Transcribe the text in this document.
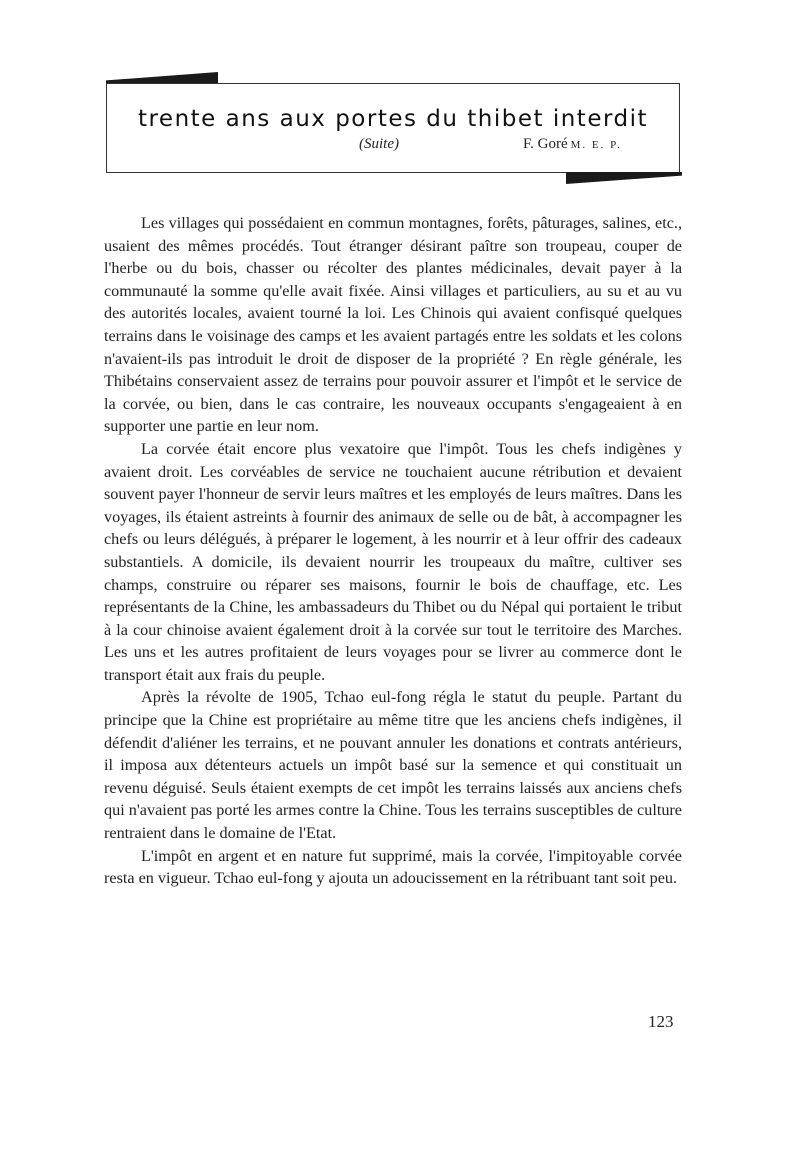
trente ans aux portes du thibet interdit
(Suite)	F. Goré M. E. P.

Les villages qui possédaient en commun montagnes, forêts, pâturages, salines, etc., usaient des mêmes procédés. Tout étranger désirant paître son troupeau, couper de l'herbe ou du bois, chasser ou récolter des plantes médicinales, devait payer à la communauté la somme qu'elle avait fixée. Ainsi villages et particuliers, au su et au vu des autorités locales, avaient tourné la loi. Les Chinois qui avaient confisqué quelques terrains dans le voisinage des camps et les avaient partagés entre les soldats et les colons n'avaient-ils pas introduit le droit de disposer de la propriété ? En règle générale, les Thibétains conservaient assez de terrains pour pouvoir assurer et l'impôt et le service de la corvée, ou bien, dans le cas contraire, les nouveaux occupants s'engageaient à en supporter une partie en leur nom.

La corvée était encore plus vexatoire que l'impôt. Tous les chefs indigènes y avaient droit. Les corvéables de service ne touchaient aucune rétribution et devaient souvent payer l'honneur de servir leurs maîtres et les employés de leurs maîtres. Dans les voyages, ils étaient astreints à fournir des animaux de selle ou de bât, à accompagner les chefs ou leurs délégués, à préparer le logement, à les nourrir et à leur offrir des cadeaux substantiels. A domicile, ils devaient nourrir les troupeaux du maître, cultiver ses champs, construire ou réparer ses maisons, fournir le bois de chauffage, etc. Les représentants de la Chine, les ambassadeurs du Thibet ou du Népal qui portaient le tribut à la cour chinoise avaient également droit à la corvée sur tout le territoire des Marches. Les uns et les autres profitaient de leurs voyages pour se livrer au commerce dont le transport était aux frais du peuple.

Après la révolte de 1905, Tchao eul-fong régla le statut du peuple. Partant du principe que la Chine est propriétaire au même titre que les anciens chefs indigènes, il défendit d'aliéner les terrains, et ne pouvant annuler les donations et contrats antérieurs, il imposa aux détenteurs actuels un impôt basé sur la semence et qui constituait un revenu déguisé. Seuls étaient exempts de cet impôt les terrains laissés aux anciens chefs qui n'avaient pas porté les armes contre la Chine. Tous les terrains susceptibles de culture rentraient dans le domaine de l'Etat.

L'impôt en argent et en nature fut supprimé, mais la corvée, l'impitoyable corvée resta en vigueur. Tchao eul-fong y ajouta un adoucissement en la rétribuant tant soit peu.

123
